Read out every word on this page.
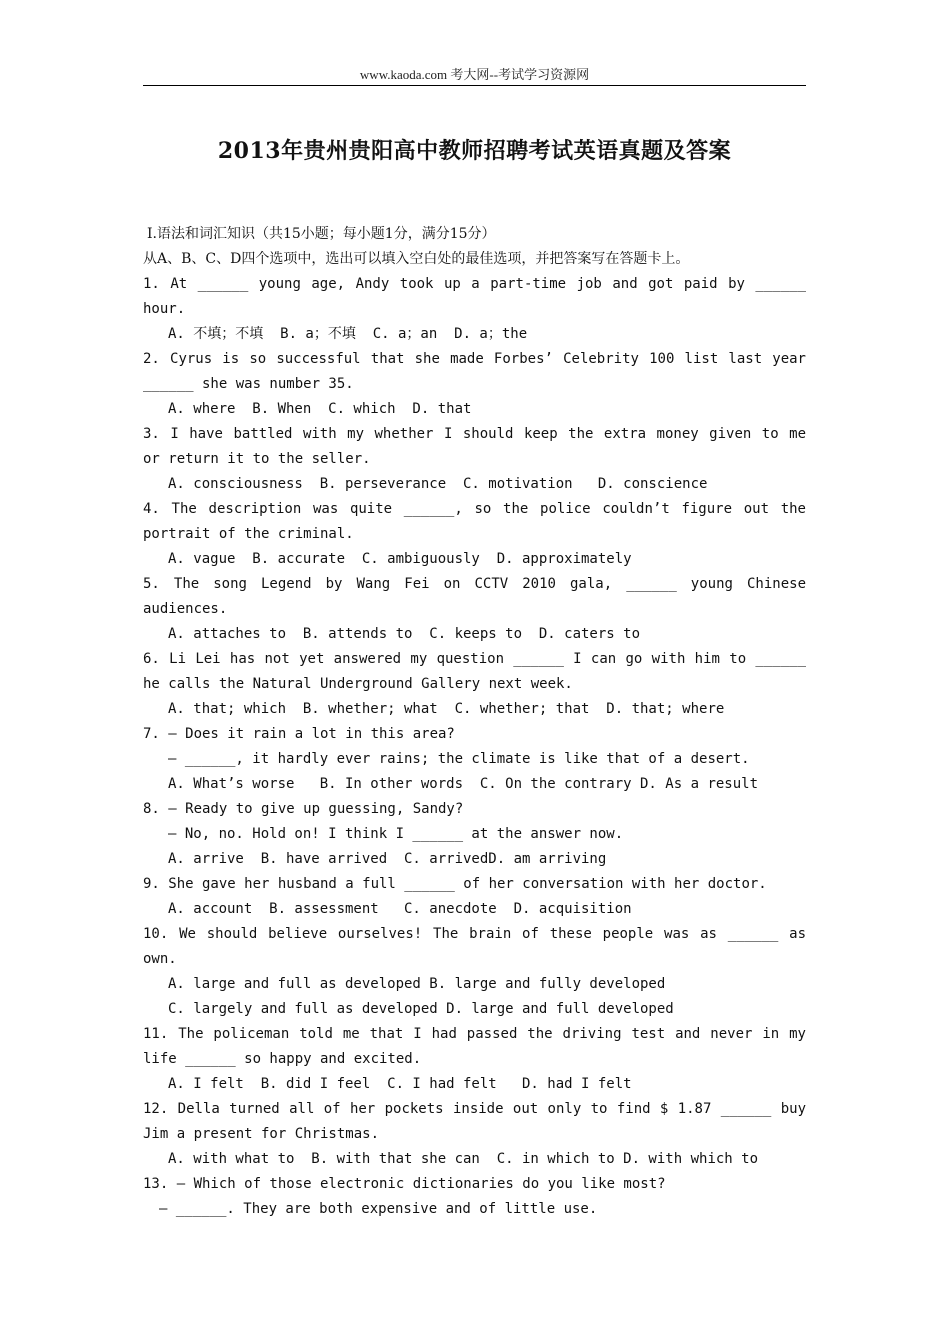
www.kaoda.com 考大网--考试学习资源网
2013年贵州贵阳高中教师招聘考试英语真题及答案
Ⅰ.语法和词汇知识（共15小题；每小题1分，满分15分）
从A、B、C、D四个选项中，选出可以填入空白处的最佳选项，并把答案写在答题卡上。
1. At ______ young age, Andy took up a part-time job and got paid by ______
hour.
A. 不填；不填  B. a；不填  C. a；an  D. a；the
2. Cyrus is so successful that she made Forbes’ Celebrity 100 list last year
______ she was number 35.
A. where  B. When  C. which  D. that
3. I have battled with my whether I should keep the extra money given to me
or return it to the seller.
A. consciousness  B. perseverance  C. motivation   D. conscience
4. The description was quite ______, so the police couldn’t figure out the
portrait of the criminal.
A. vague  B. accurate  C. ambiguously  D. approximately
5. The song Legend by Wang Fei on CCTV 2010 gala, ______ young Chinese
audiences.
A. attaches to  B. attends to  C. keeps to  D. caters to
6. Li Lei has not yet answered my question ______ I can go with him to ______
he calls the Natural Underground Gallery next week.
A. that; which  B. whether; what  C. whether; that  D. that; where
7. — Does it rain a lot in this area?
— ______, it hardly ever rains; the climate is like that of a desert.
A. What’s worse   B. In other words  C. On the contrary D. As a result
8. — Ready to give up guessing, Sandy?
— No, no. Hold on! I think I ______ at the answer now.
A. arrive  B. have arrived  C. arrivedD. am arriving
9. She gave her husband a full ______ of her conversation with her doctor.
A. account  B. assessment   C. anecdote  D. acquisition
10. We should believe ourselves! The brain of these people was as ______ as
own.
A. large and full as developed B. large and fully developed
C. largely and full as developed D. large and full developed
11. The policeman told me that I had passed the driving test and never in my
life ______ so happy and excited.
A. I felt  B. did I feel  C. I had felt   D. had I felt
12. Della turned all of her pockets inside out only to find $ 1.87 ______ buy
Jim a present for Christmas.
A. with what to  B. with that she can  C. in which to D. with which to
13. — Which of those electronic dictionaries do you like most?
— ______. They are both expensive and of little use.
